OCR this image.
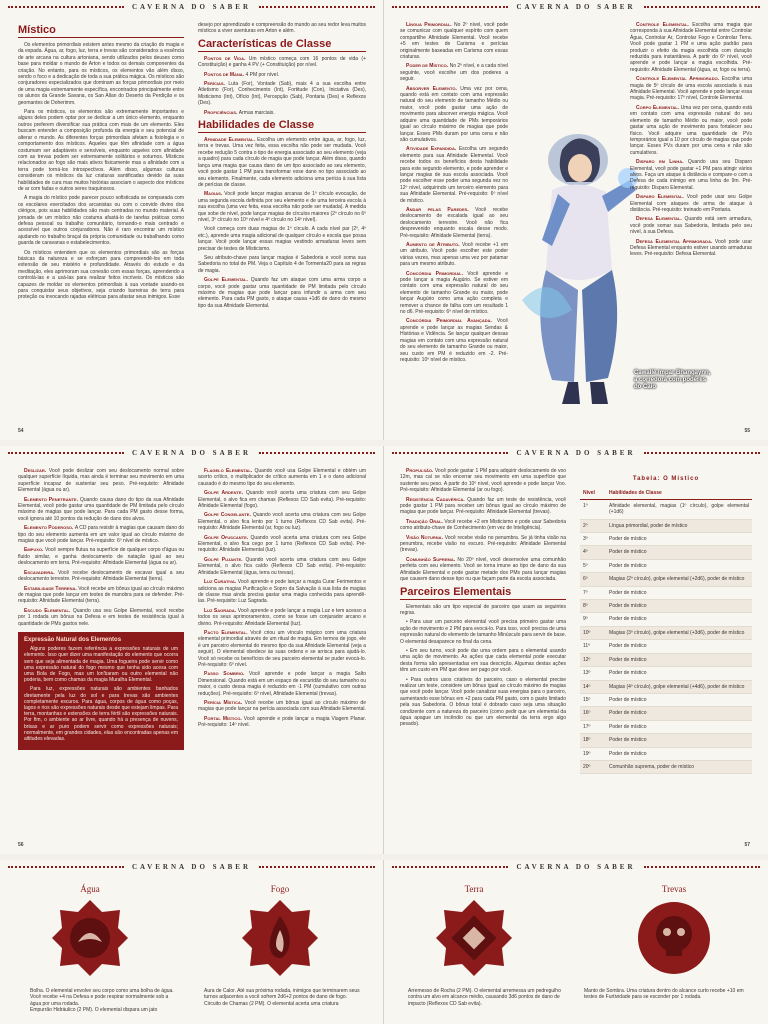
CAVERNA DO SABER
Místico

Os elementos primordiais existem antes mesmo da criação do magia e da espada. Água, ar, fogo, luz, terra e trevas são considerados a essência de arte arcana na cultura artoniana, sendo utilizados pelos deuses como base para moldar o mundo de Arton e todos os demais componentes da criação. No entanto, para os místicos, os elementos vão além disso, sendo o foco e a dedicação de toda a sua prática mágica. Os místicos são conjuradores especializados que dominam as forças primordiais por meio de uma magia extremamente específica, encontrados principalmente entre os alunos da Grande Savana, os San Allan do Deserto da Perdição e os geomantes de Doherimm.

Para os místicos, os elementos são extremamente importantes e alguns deles podem optar por se dedicar a um único elemento, enquanto outros preferem diversificar sua prática com mais de um elemento. Eles buscam entender a composição profunda da energia e seu potencial de alterar o mundo. As diferentes forças primordiais afetam a fisiologia e o comportamento dos místicos. Aqueles que têm afinidade com a água costumam ser adaptáveis e sensíveis, enquanto aqueles com afinidade com as trevas podem ser extremamente solitários e soturnos. Místicos relacionados ao fogo são mais ativos fisicamente mas a afinidade com a terra pode torná-los introspectivos. Além disso, algumas culturas consideram os místicos da luz criaturas santificadas devido às suas habilidades de cura mas muitos histórias associam o aspecto dos místicos de ar com fadas e outros seres traquinosos.

A magia do místico pode parecer pouco sofisticada se comparada com os escolares exercitados dos arcanistas ou com o convido divino dos clérigos, pois suas habilidades são mais centradas no mundo material. A jornada de um místico não costuma afastá-lo de tarefas práticas como defesa pessoal ou trabalho comunitário, tornando-o mais centrado e acessível que outros conjuradores. Não é raro encontrar um místico ajudando no trabalho braçal da própria comunidade ou trabalhando como guarda de caravanas e estabelecimentos.

Os místicos entendem que os elementos primordiais são as forças básicas da natureza e se esforçam para compreendê-los em toda extensão de seu mistério e profundidade. Através do estudo e da meditação, eles aprimoram sua conexão com essas forças, aprendendo a controlá-las e a usá-las para realizar feitos incríveis. Os místicos são capazes de moldar os elementos primordiais à sua vontade usando-os para conquistar seus objetivos, seja criando barreiras de terra para proteção ou invocando rajadas elétricas para afastar seus inimigos. Esse

desejo por aprendizado e compreensão do mundo ao seu redor leva muitos místicos a viver aventuras em Arton e além.

Características de Classe

Pontos de Vida. Um místico começa com 16 pontos de vida (+ Constituição) e ganha 4 PV (+ Constituição) por nível.

Pontos de Mana. 4 PM por nível.

Perícias. Luta (For), Vontade (Sab), mais 4 a sua escolha entre Atletismo (For), Conhecimento (Int), Fortitude (Con), Iniciativa (Des), Misticismo (Int), Ofício (Int), Percepção (Sab), Pontaria (Des) e Reflexos (Des).

Proficiências. Armas marciais.

Habilidades de Classe

Afinidade Elemental. Escolha um elemento entre água, ar, fogo, luz, terra e trevas. Uma vez feita, essa escolha não pode ser mudada. Você recebe redução 5 contra o tipo de energia associado ao seu elemento (veja a quadro) para cada círculo de magia que pode lançar. Além disso, quando lança uma magia que causa dano de um tipo associado ao seu elemento, você pode gastar 1 PM para transformar esse dano no tipo associado ao seu elemento. Finalmente, cada elemento adiciona uma perícia à sua lista de perícias de classe.

Magias. Você pode lançar magias arcanas de 1º círculo evocação, de uma segunda escola definida por seu elemento e de uma terceira escola à sua escolha (uma vez feita, essa escolha não pode ser mudada). A medida que sobe de nível, pode lançar magias de círculos maiores (2º círculo no 6º nível, 3º círculo no 10º nível e 4º círculo no 14º nível).

Você começa com duas magias de 1º círculo. A cada nível par (2º, 4º etc.), aprende uma magia adicional de qualquer círculo e escola que possa lançar. Você pode lançar essas magias vestindo armaduras leves sem precisar de testes de Misticismo.

Seu atributo-chave para lançar magias é Sabedoria e você soma sua Sabedoria no total de PM. Veja o Capítulo 4 de Tormenta20 para as regras de magia.

Golpe Elemental. Quando faz um ataque com uma arma corpo a corpo, você pode gastar uma quantidade de PM limitada pelo círculo máximo de magias que pode lançar para infundir a arma com seu elemento. Para cada PM gasto, o ataque causa +1d6 de dano do mesmo tipo da sua Afinidade Elemental.

54
CAVERNA DO SABER

Língua Primordial. No 2º nível, você pode se comunicar com qualquer espírito com quem compartilhe Afinidade Elemental. Você recebe +5 em testes de Carisma e perícias originalmente baseadas em Carisma com essas criaturas.

Poder de Místico. No 2º nível, e a cada nível seguinte, você escolhe um dos poderes a seguir.

Absorver Elemento. Uma vez por cena, quando está em contato com uma expressão natural do seu elemento de tamanho Médio ou maior, você pode gastar uma ação de movimento para absorver energia mágica. Você adquire uma quantidade de PMs temporários igual ao círculo máximo de magias que pode lançar. Esses PMs duram por uma cena e não são cumulativos.

Atividade Expandida. Escolha um segundo elemento para sua Afinidade Elemental. Você recebe todos os benefícios desta habilidade para este segundo elemento, e pode aprender e lançar magias de sua escola associada. Você pode escolher esse poder uma segunda vez no 12º nível, adquirindo um terceiro elemento para sua Afinidade Elemental. Pré-requisito: 6º nível de místico.

Andar pelas Paredes. Você recebe deslocamento de escalada igual ao seu deslocamento terrestre. Você não fica desprevenido enquanto escala desse modo. Pré-requisito: Afinidade Elemental (terra).

Aumento de Atributo. Você recebe +1 em um atributo. Você pode escolher este poder várias vezes, mas apenas uma vez por patamar para um mesmo atributo.

Concórdia Primordial. Você aprende e pode lançar a magia Augúrio. Se estiver em contato com uma expressão natural do seu elemento de tamanho Grande ou maior, pode lançar Augúrio como uma ação completa e remover a chance de falha com um resultado 1 no d6. Pré-requisito: 6º nível de místico.

Concórdia Primordial Avançada. Você aprende e pode lançar as magias Sendas & Histórias e Vidência. Se lançar qualquer dessas magias em contato com uma expressão natural do seu elemento de tamanho Grande ou maior, seu custo em PM é reduzido em -2. Pré-requisito: 10º nível de místico.

Cawallê Impar Bhangaynn, a corredora com poderes do Caio

Controle Elemental. Escolha uma magia que corresponda à sua Afinidade Elemental entre Controlar Água, Controlar Ar, Controlar Fogo e Controlar Terra. Você pode gastar 1 PM e uma ação padrão para produzir o efeito da magia escolhida com duração reduzida para instantânea. A partir do 6º nível, você aprende e pode lançar a magia escolhida. Pré-requisito: Afinidade Elemental (água, ar, fogo ou terra).

Controle Elemental Aprimorado. Escolha uma magia de 5º círculo de uma escola associada à sua Afinidade Elemental. Você aprende e pode lançar essa magia. Pré-requisito: 17º nível, Controle Elemental.

Corpo Elemental. Uma vez por cena, quando está em contato com uma expressão natural do seu elemento de tamanho Médio ou maior, você pode gastar uma ação de movimento para fortalecer seu físico. Você adquire uma quantidade de PVs temporários igual a 10 por círculo de magias que pode lançar. Esses PVs duram por uma cena e não são cumulativos.

Disparo em Linha. Quando usa seu Disparo Elemental, você pode gastar +1 PM para atingir vários alvos. Faça um ataque à distância e compare-o com a Defesa de cada inimigo em uma linha de 9m. Pré-requisito: Disparo Elemental.

Disparo Elemental. Você pode usar seu Golpe Elemental com ataques de arma de ataque à distância. Pré-requisito: treinado em Pontaria.

Defesa Elemental. Quando está sem armadura, você pode somar sua Sabedoria, limitada pelo seu nível, à sua Defesa.

Defesa Elemental Aprimorada. Você pode usar Defesa Elemental enquanto estiver usando armaduras leves. Pré-requisito: Defesa Elemental.

55
CAVERNA DO SABER

Deslizar. Você pode deslizar com seu deslocamento normal sobre qualquer superfície líquida, mas ainda é terminar seu movimento em uma superfície incapaz de sustentar seu peso. Pré-requisito: Afinidade Elemental (água ou ar).

Elemento Penetrante. Quando causa dano do tipo da sua Afinidade Elemental, você pode gastar uma quantidade de PM limitada pelo círculo máximo de magias que pode lançar. Para cada PM gasto desse forma, você ignora até 10 pontos da redução de dano dos alvos.

Elemento Poderoso. A CD para resistir à magias que causam dano do tipo do seu elemento aumenta em um valor igual ao círculo máximo de magias que você pode lançar. Pré-requisito: 6º nível de místico.

Empuxo. Você sempre flutua na superfície de qualquer corpo d'água ou fluido similar, e ganha deslocamento de natação igual ao seu deslocamento em terra. Pré-requisito: Afinidade Elemental (água ou ar).

Escavadeira. Você recebe deslocamento de escavar igual a seu deslocamento terrestre. Pré-requisito: Afinidade Elemental (terra).

Estabilidade Terrena. Você recebe um bônus igual ao círculo máximo de magias que pode lançar em testes de manobra para se defender. Pré-requisito: Afinidade Elemental (terra).

Escudo Elemental. Quando usa seu Golpe Elemental, você recebe por 1 rodada um bônus na Defesa e em testes de resistência igual à quantidade de PMs gastos nele.

Expressão Natural dos Elementos

Alguns poderes fazem referência a expressões naturais de um elemento. Isso quer dizer uma manifestação do elemento que ocorra sem que seja alimentada de magia. Uma fogueira pode servir como uma expressão natural do fogo mesmo que tenha sido acesa com uma Bola de Fogo, mas um lon'baram ou outro elemental não poderia, bem como chamas da magia Muralha Elemental.

Para luz, expressões naturais são ambientes banhados diretamente pela luz do sol e para trevas são ambientes completamente escuros. Para água, corpos de água como poças, lagos e rios são expressões naturais desde que estejam limpas. Para terra, montanhas e extensões de terra fértil são expressões naturais. Por fim, o ambiente ao ar livre, quando há a presença de nuvens, brisas e ar puro podem servir como expressões naturais; normalmente, em grandes cidades, elas são encontradas apenas em altitudes elevadas.

Flagelo Elemental. Quando você usa Golpe Elemental e obtém um acerto crítico, o multiplicador de crítico aumenta em 1 e o dano adicional causado é do mesmo tipo do seu elemento.

Golpe Ardente. Quando você acerta uma criatura com seu Golpe Elemental, o alvo fica em chamas (Reflexos CD Sab evita). Pré-requisito: Afinidade Elemental (fogo).

Golpe Congelante. Quando você acerta uma criatura com seu Golpe Elemental, o alvo fica lento por 1 turno (Reflexos CD Sab evita). Pré-requisito: Afinidade Elemental (ar, fogo ou luz).

Golpe Ofuscante. Quando você acerta uma criatura com seu Golpe Elemental, o alvo fica cego por 1 turno (Reflexos CD Sab evita). Pré-requisito: Afinidade Elemental (luz).

Golpe Pujante. Quando você acerta uma criatura com seu Golpe Elemental, o alvo fica caído (Reflexos CD Sab evita). Pré-requisito: Afinidade Elemental (água, terra ou trevas).

Luz Curativa. Você aprende e pode lançar a magia Curar Ferimentos e adiciona as magias Purificação e Sopro da Salvação à sua lista de magias de classe mas ainda precisa gastar uma magia conhecida para aprendê-las. Pré-requisito: Luz Sagrada.

Luz Sagrada. Você aprende e pode lançar a magia Luz e tem acesso a todos os seus aprimoramentos, como se fosse um conjurador arcano e divino. Pré-requisito: Afinidade Elemental (luz).

Pacto Elemental. Você criou um vínculo mágico com uma criatura elemental primordial através de um ritual de magia. Em termos de jogo, ele é um parceiro elemental do mesmo tipo da sua Afinidade Elemental (veja a seguir). O elemental obedece às suas ordens e se arrisca para ajudá-lo. Você só recebe os benefícios de seu parceiro elemental se puder evocá-lo. Pré-requisito: 6º nível.

Passo Sombrio. Você aprende e pode lançar a magia Salto Dimensional. Quando está em um espaço de escuridão do seu tamanho ou maior, o custo dessa magia é reduzido em -1 PM (cumulativo com outras reduções). Pré-requisito: 6º nível, Afinidade Elemental (trevas).

Perícia Mística. Você recebe um bônus igual ao círculo máximo de magias que pode lançar na perícia associada com sua Afinidade Elemental.

Portal Místico. Você aprende e pode lançar a magia Viagem Planar. Pré-requisito: 14º nível.

56
CAVERNA DO SABER

Propulsão. Você pode gastar 1 PM para adquirir deslocamento de voo 12m, mas caí se não encerrar seu movimento em uma superfície que sustente seu peso. A partir do 10º nível, você aprende e pode lançar Voo. Pré-requisito: Afinidade Elemental (ar ou fogo).

Resistência Cadavérica. Quando faz um teste de resistência, você pode gastar 1 PM para receber um bônus igual ao círculo máximo de magias que pode lançar. Pré-requisito: Afinidade Elemental (trevas).

Tradição Oral. Você recebe +2 em Misticismo e pode usar Sabedoria como atributo-chave de Conhecimento (em vez de Inteligência).

Visão Noturna. Você recebe visão no penumbra. Se já tinha visão na penumbra, recebe visão no escuro. Pré-requisito: Afinidade Elemental (trevas).

Comunhão Suprema. No 20º nível, você desenvolve uma comunhão perfeita com seu elemento. Você se torna imune ao tipo de dano da sua Afinidade Elemental e pode gastar metade dos PMs para lançar magias que causem dano desse tipo ou que façam parte da escola associada.

Parceiros Elementais

Elementais são um tipo especial de parceiro que usam as seguintes regras.

• Para usar um parceiro elemental você precisa primeiro gastar uma ação de movimento e 2 PM para evocá-lo. Para isso, você precisa de uma expressão natural do elemento de tamanho Minúsculo para servir de base. O elemental desaparece no final da cena.

• Em seu turno, você pode dar uma ordem para o elemental usando uma ação de movimento. As ações que cada elemental pode executar desta forma são apresentadas em sua descrição. Algumas destas ações têm um custo em PM que deve ser pago por você.

• Para outros usos criativos do parceiro, caso o elemental precise realizar um teste, considere um bônus igual ao círculo máximo de magias que você pode lançar. Você pode canalizar suas energias para o parceiro, aumentando esse bônus em +2 para cada PM gasto, com o gasto limitado pela sua Sabedoria. O bônus total é dobrado caso seja uma situação condizente com a natureza do parceiro (como pedir que um elemental da água apague um incêndio ou que um elemental da terra ergo algo pesado).

Tabela: O Místico
Nível	Habilidades de Classe
1º	Afinidade elemental, magias (1º círculo), golpe elemental (+1d6)
2º	Língua primordial, poder de místico
3º	Poder de místico
4º	Poder de místico
5º	Poder de místico
6º	Magias (2º círculo), golpe elemental (+2d6), poder de místico
7º	Poder de místico
8º	Poder de místico
9º	Poder de místico
10º	Magias (3º círculo), golpe elemental (+3d6), poder de místico
11º	Poder de místico
12º	Poder de místico
13º	Poder de místico
14º	Magias (4º círculo), golpe elemental (+4d6), poder de místico
15º	Poder de místico
16º	Poder de místico
17º	Poder de místico
18º	Poder de místico
19º	Poder de místico
20º	Comunhão suprema, poder de místico
57
CAVERNA DO SABER
Água	Fogo
Bolha. O elemental envolve seu corpo como uma bolha de água. Você recebe +4 na Defesa e pode respirar normalmente sob a água por uma rodada.
Empurrão Hidráulico (2 PM). O elemental dispara um jato
Aura de Calor. Até sua próxima rodada, inimigos que terminarem seus turnos adjacentes a você sofrem 2d6+2 pontos de dano de fogo.
Circuito de Chamas (2 PM). O elemental acerta uma criatura
CAVERNA DO SABER
Terra	Trevas
Arremesso de Rocha (2 PM). O elemental arremessa um pedregulho contra um alvo em alcance médio, causando 3d6 pontos de dano de impacto (Reflexos CD Sab evita).
Manto de Sombra. Uma criatura dentro do alcance curto recebe +10 em testes de Furtividade para se esconder por 1 rodada.
